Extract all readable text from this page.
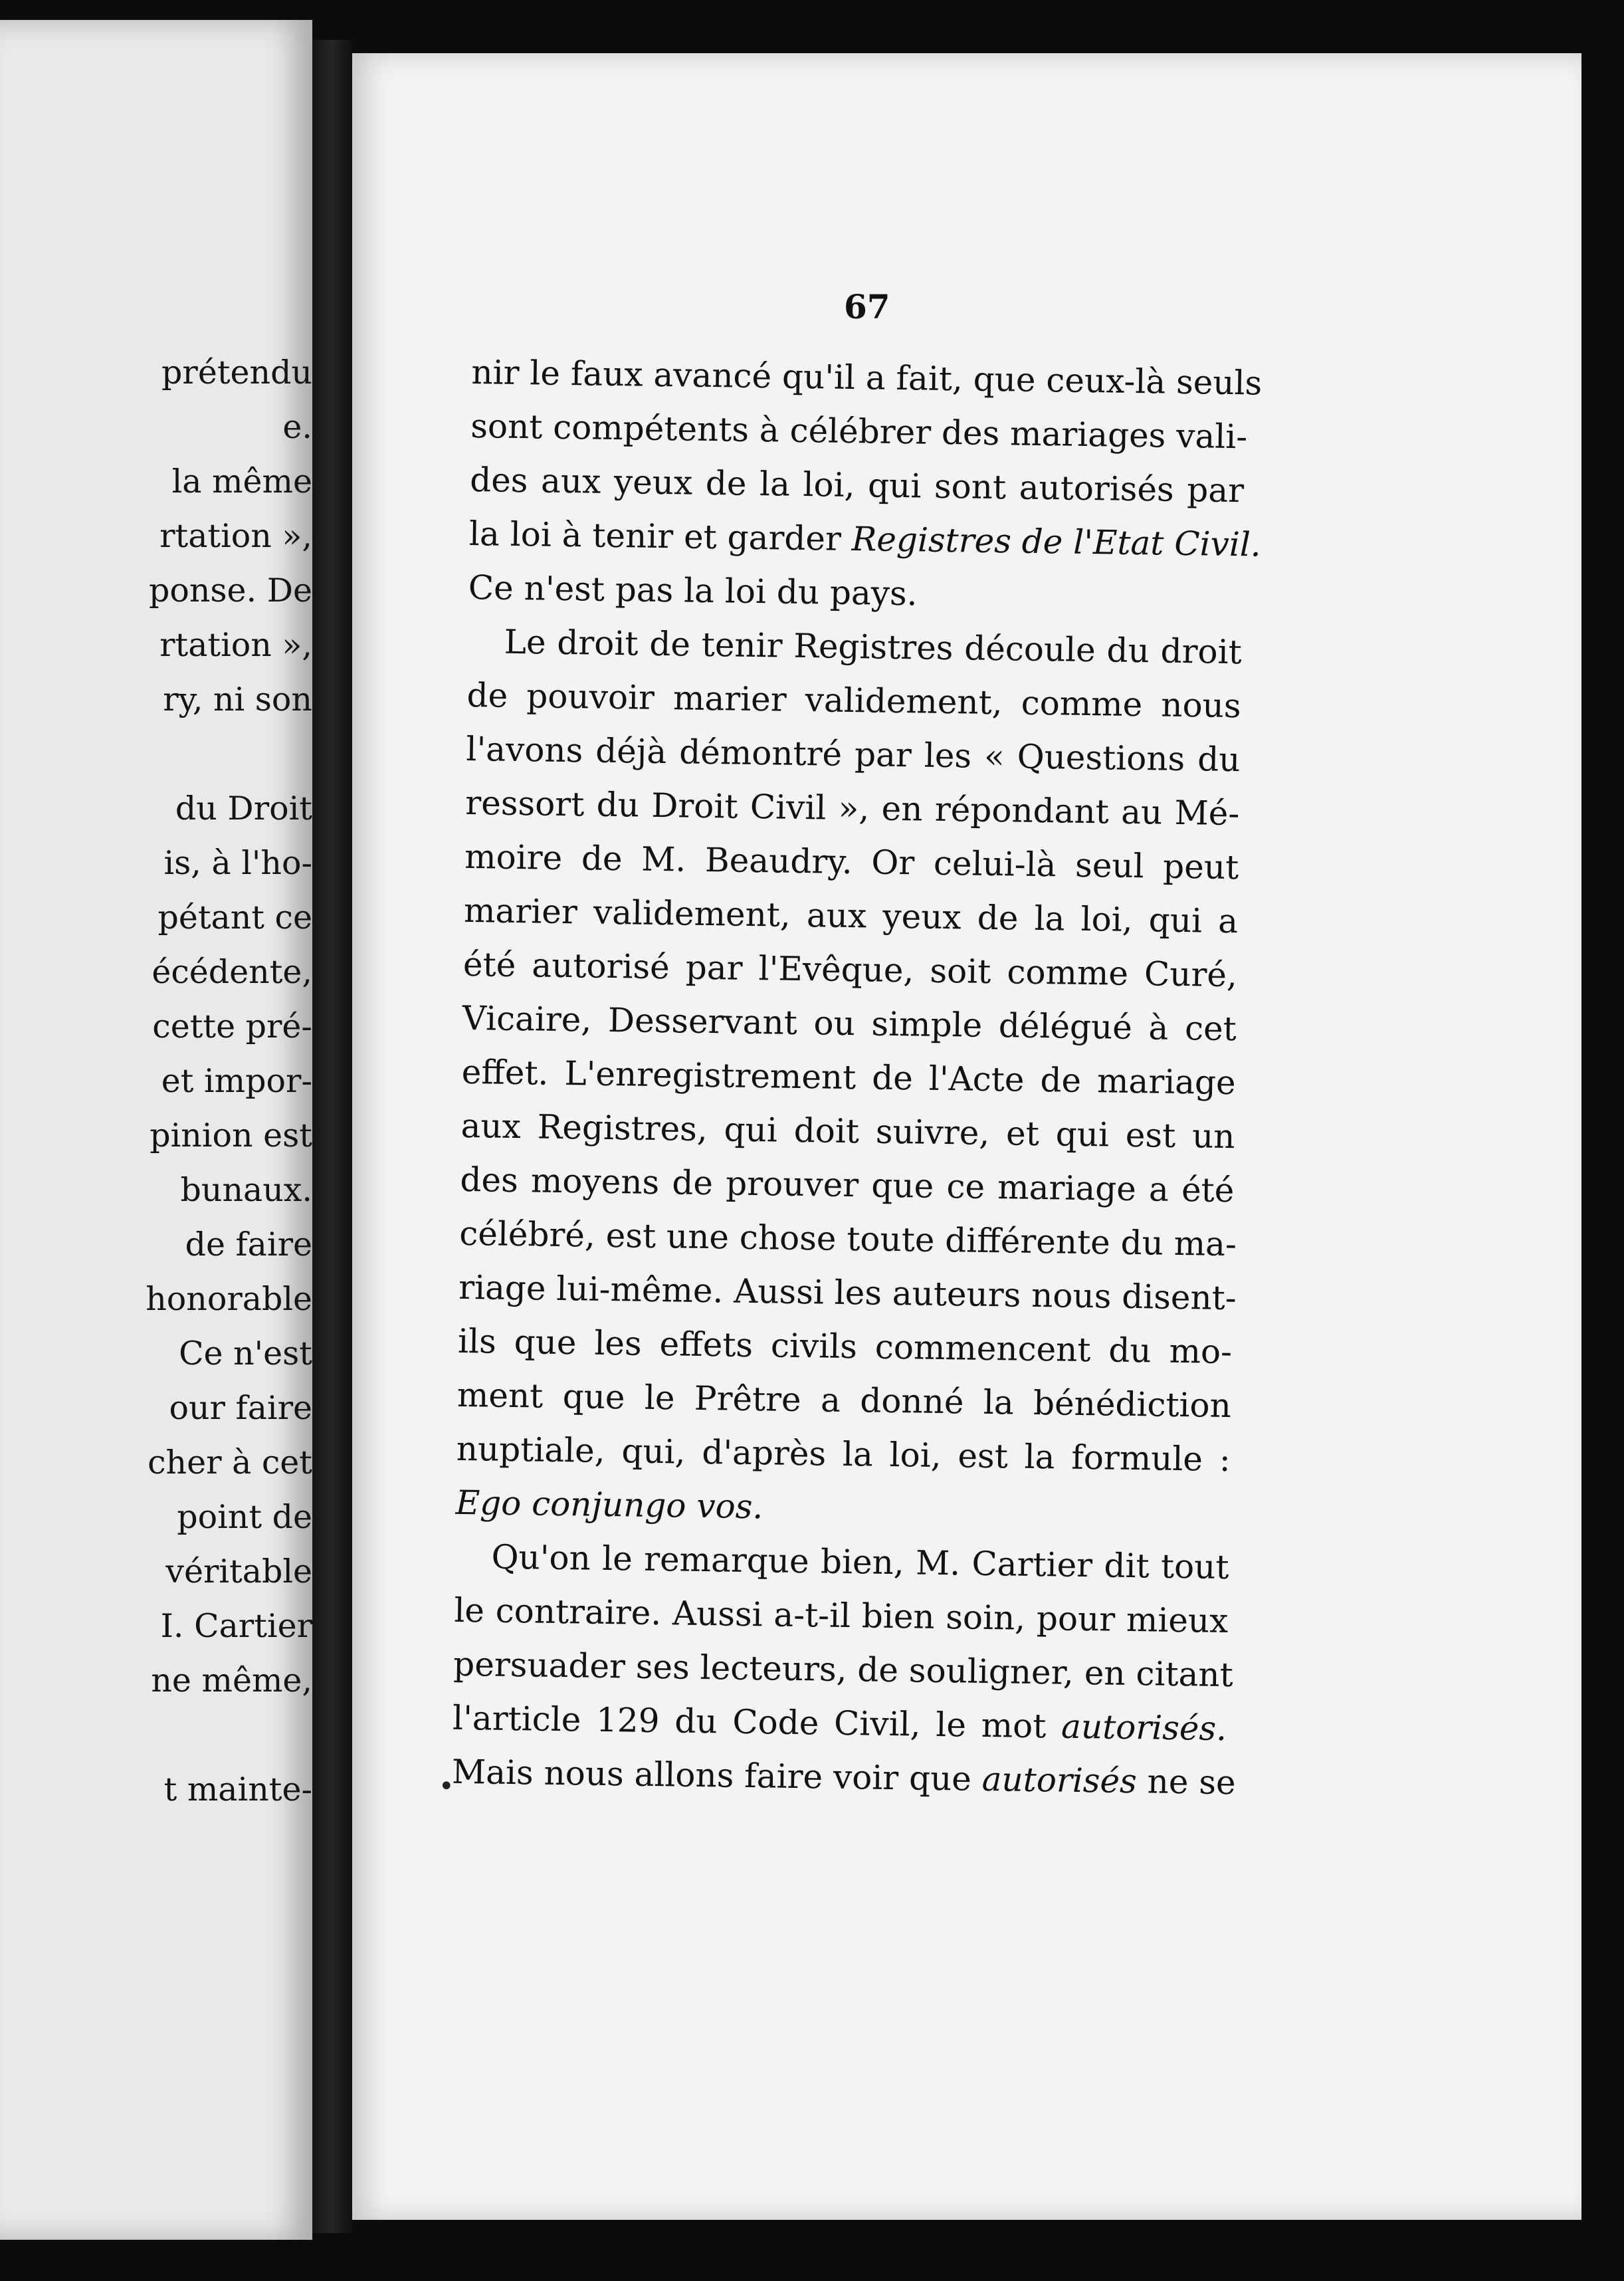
prétendu
e.
la même
rtation »,
ponse. De
rtation »,
ry, ni son
du Droit
is, à l'ho-
pétant ce
écédente,
cette pré-
et impor-
pinion est
bunaux.
de faire
honorable
Ce n'est
our faire
cher à cet
point de
véritable
I. Cartier
ne même,
t mainte-
67
nir le faux avancé qu'il a fait, que ceux-là seuls
sont compétents à célébrer des mariages vali-
des aux yeux de la loi, qui sont autorisés par
la loi à tenir et garder Registres de l'Etat Civil.
Ce n'est pas la loi du pays.
Le droit de tenir Registres découle du droit
de pouvoir marier validement, comme nous
l'avons déjà démontré par les « Questions du
ressort du Droit Civil », en répondant au Mé-
moire de M. Beaudry. Or celui-là seul peut
marier validement, aux yeux de la loi, qui a
été autorisé par l'Evêque, soit comme Curé,
Vicaire, Desservant ou simple délégué à cet
effet. L'enregistrement de l'Acte de mariage
aux Registres, qui doit suivre, et qui est un
des moyens de prouver que ce mariage a été
célébré, est une chose toute différente du ma-
riage lui-même. Aussi les auteurs nous disent-
ils que les effets civils commencent du mo-
ment que le Prêtre a donné la bénédiction
nuptiale, qui, d'après la loi, est la formule :
Ego conjungo vos.
Qu'on le remarque bien, M. Cartier dit tout
le contraire. Aussi a-t-il bien soin, pour mieux
persuader ses lecteurs, de souligner, en citant
l'article 129 du Code Civil, le mot autorisés.
Mais nous allons faire voir que autorisés ne se
•
